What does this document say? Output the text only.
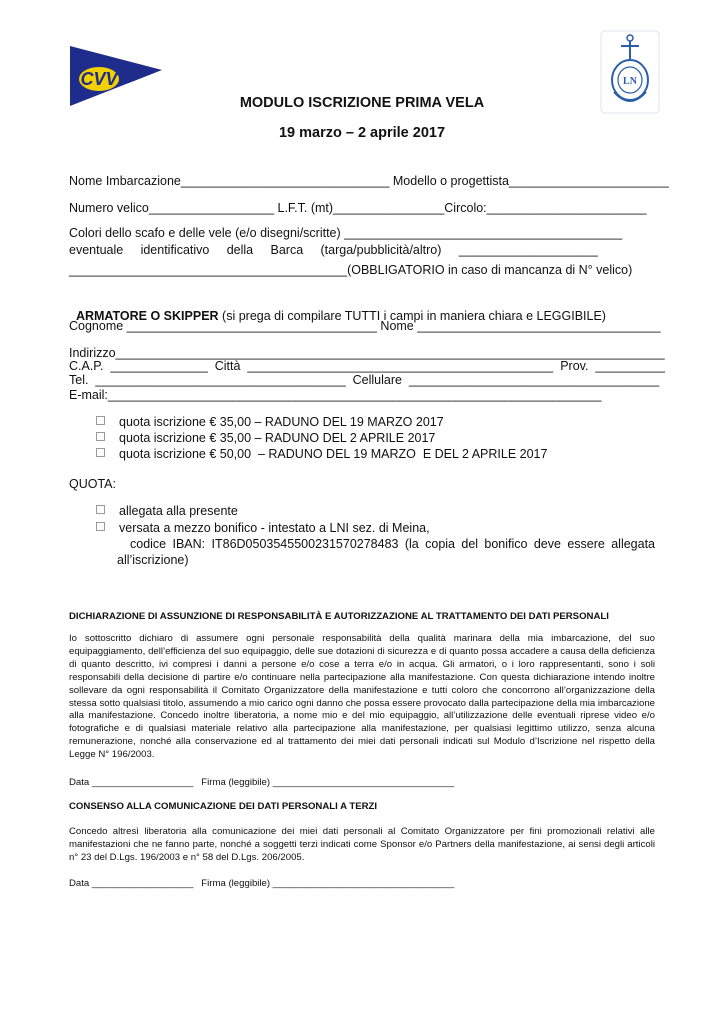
CVV	LN
MODULO ISCRIZIONE PRIMA VELA
19 marzo – 2 aprile 2017
Nome Imbarcazione______________________________ Modello o progettista_______________________
Numero velico__________________ L.F.T. (mt)________________Circolo:_______________________
Colori dello scafo e delle vele (e/o disegni/scritte) ________________________________________
eventuale     identificativo     della     Barca     (targa/pubblicità/altro)     ____________________
________________________________________(OBBLIGATORIO in caso di mancanza di N° velico)

ARMATORE O SKIPPER (si prega di compilare TUTTI i campi in maniera chiara e LEGGIBILE)

Cognome ____________________________________ Nome ___________________________________
Indirizzo_______________________________________________________________________________
C.A.P.  ______________  Città  ____________________________________________  Prov.  __________
Tel.  ____________________________________  Cellulare  ____________________________________
E-mail:_______________________________________________________________________
quota iscrizione € 35,00 – RADUNO DEL 19 MARZO 2017
quota iscrizione € 35,00 – RADUNO DEL 2 APRILE 2017
quota iscrizione € 50,00  – RADUNO DEL 19 MARZO  E DEL 2 APRILE 2017
QUOTA:
allegata alla presente
versata a mezzo bonifico - intestato a LNI sez. di Meina,
codice IBAN: IT86D0503545500231570278483 (la copia del bonifico deve essere allegata all’iscrizione)
DICHIARAZIONE DI ASSUNZIONE DI RESPONSABILITÀ E AUTORIZZAZIONE AL TRATTAMENTO DEI DATI PERSONALI
Io sottoscritto dichiaro di assumere ogni personale responsabilità della qualità marinara della mia imbarcazione, del suo equipaggiamento, dell’efficienza del suo equipaggio, delle sue dotazioni di sicurezza e di quanto possa accadere a causa della deficienza di quanto descritto, ivi compresi i danni a persone e/o cose a terra e/o in acqua. Gli armatori, o i loro rappresentanti, sono i soli responsabili della decisione di partire e/o continuare nella partecipazione alla manifestazione. Con questa dichiarazione intendo inoltre sollevare da ogni responsabilità il Comitato Organizzatore della manifestazione e tutti coloro che concorrono all’organizzazione della stessa sotto qualsiasi titolo, assumendo a mio carico ogni danno che possa essere provocato dalla partecipazione della mia imbarcazione alla manifestazione. Concedo inoltre liberatoria, a nome mio e del mio equipaggio, all’utilizzazione delle eventuali riprese video e/o fotografiche e di qualsiasi materiale relativo alla partecipazione alla manifestazione, per qualsiasi legittimo utilizzo, senza alcuna remunerazione, nonché alla conservazione ed al trattamento dei miei dati personali indicati sul Modulo d’Iscrizione nel rispetto della Legge N° 196/2003.
Data ___________________   Firma (leggibile) __________________________________
CONSENSO ALLA COMUNICAZIONE DEI DATI PERSONALI A TERZI
Concedo altresì liberatoria alla comunicazione dei miei dati personali al Comitato Organizzatore per fini promozionali relativi alle manifestazioni che ne fanno parte, nonché a soggetti terzi indicati come Sponsor e/o Partners della manifestazione, ai sensi degli articoli n° 23 del D.Lgs. 196/2003 e n° 58 del D.Lgs. 206/2005.
Data ___________________   Firma (leggibile) __________________________________
